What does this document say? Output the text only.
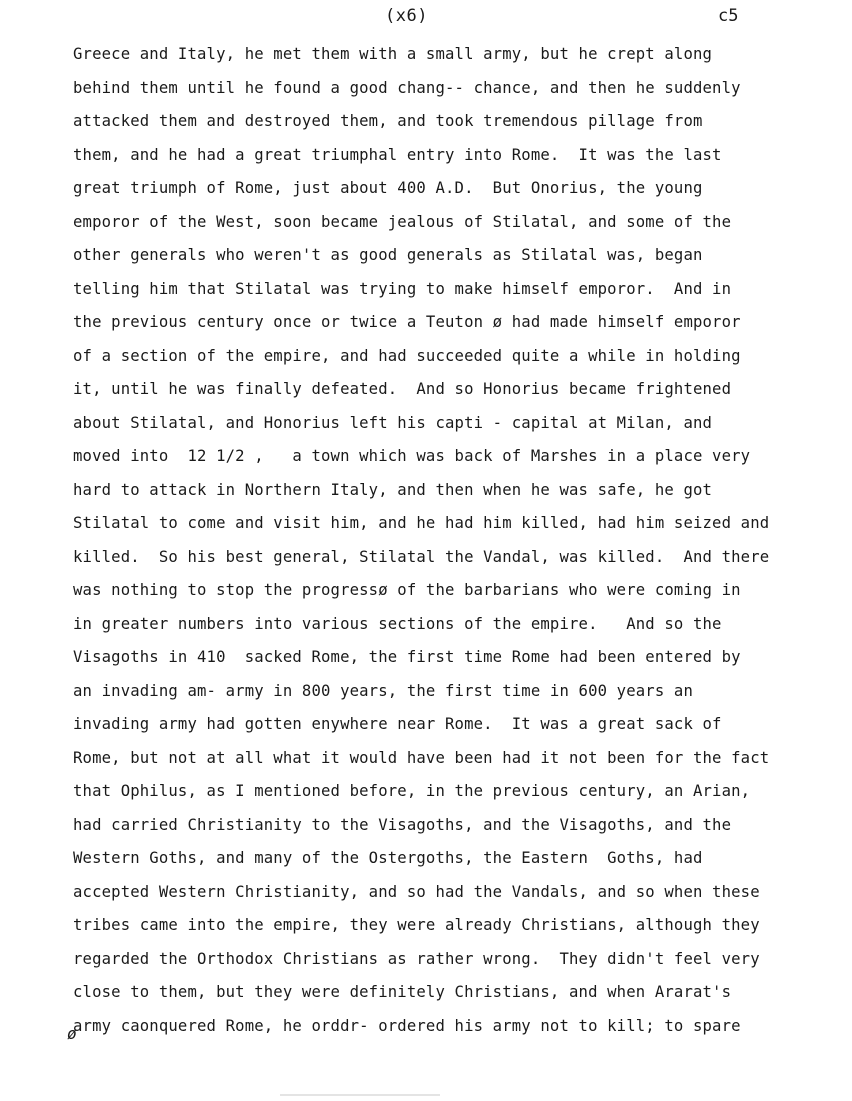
(x6)	c5
Greece and Italy, he met them with a small army, but he crept along
behind them until he found a good chang-- chance, and then he suddenly
attacked them and destroyed them, and took tremendous pillage from
them, and he had a great triumphal entry into Rome.  It was the last
great triumph of Rome, just about 400 A.D.  But Onorius, the young
emporor of the West, soon became jealous of Stilatal, and some of the
other generals who weren't as good generals as Stilatal was, began
telling him that Stilatal was trying to make himself emporor.  And in
the previous century once or twice a Teuton ø had made himself emporor
of a section of the empire, and had succeeded quite a while in holding
it, until he was finally defeated.  And so Honorius became frightened
about Stilatal, and Honorius left his capti - capital at Milan, and
moved into  12 1/2 ,   a town which was back of Marshes in a place very
hard to attack in Northern Italy, and then when he was safe, he got
Stilatal to come and visit him, and he had him killed, had him seized and
killed.  So his best general, Stilatal the Vandal, was killed.  And there
was nothing to stop the progressø of the barbarians who were coming in
in greater numbers into various sections of the empire.   And so the
Visagoths in 410  sacked Rome, the first time Rome had been entered by
an invading am- army in 800 years, the first time in 600 years an
invading army had gotten enywhere near Rome.  It was a great sack of
Rome, but not at all what it would have been had it not been for the fact
that Ophilus, as I mentioned before, in the previous century, an Arian,
had carried Christianity to the Visagoths, and the Visagoths, and the
Western Goths, and many of the Ostergoths, the Eastern  Goths, had
accepted Western Christianity, and so had the Vandals, and so when these
tribes came into the empire, they were already Christians, although they
regarded the Orthodox Christians as rather wrong.  They didn't feel very
close to them, but they were definitely Christians, and when Ararat's
army caonquered Rome, he orddr- ordered his army not to kill; to spare
ø
